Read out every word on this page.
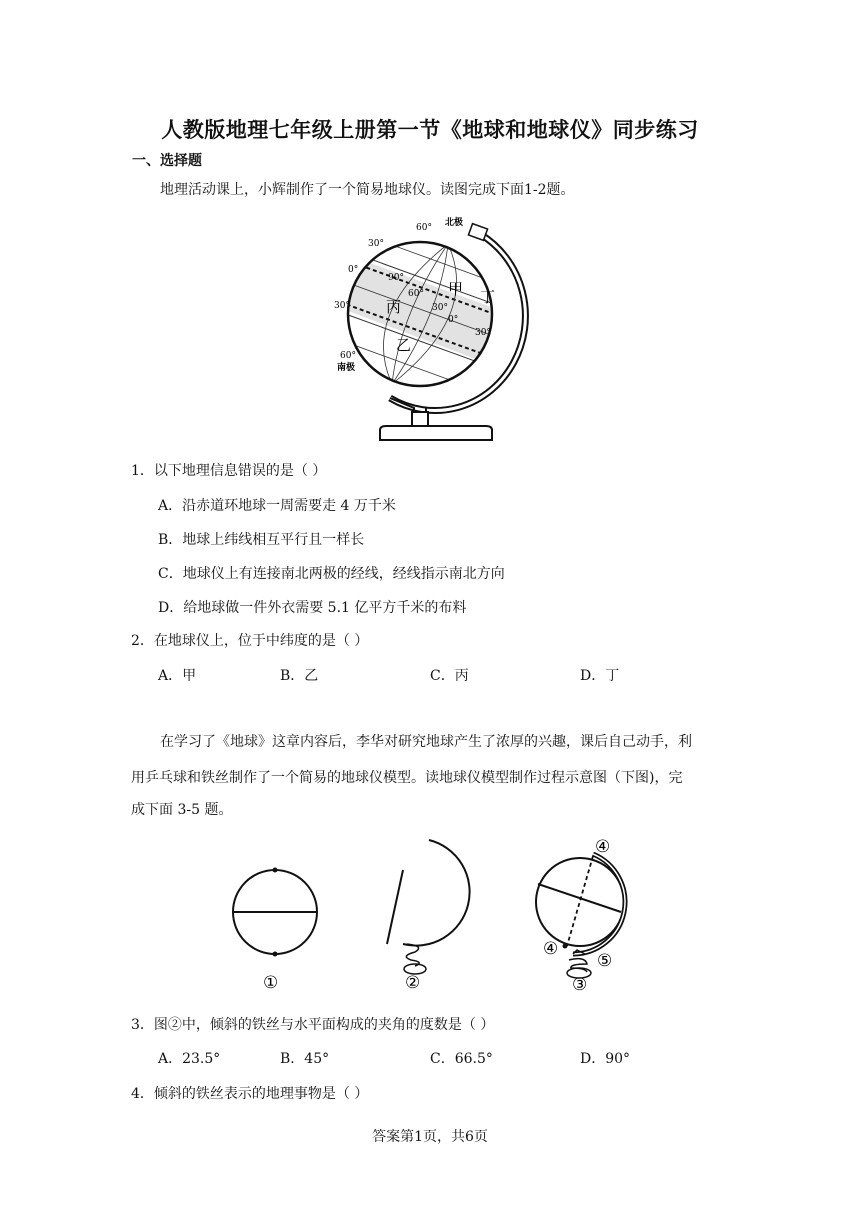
人教版地理七年级上册第一节《地球和地球仪》同步练习
一、选择题
地理活动课上，小辉制作了一个简易地球仪。读图完成下面1-2题。
北极
南极
60°
30°
0°
30°
60°
90°
60°
30°
0°
30°
甲 丁
丙
乙
1．以下地理信息错误的是（ ）
A．沿赤道环地球一周需要走 4 万千米
B．地球上纬线相互平行且一样长
C．地球仪上有连接南北两极的经线，经线指示南北方向
D．给地球做一件外衣需要 5.1 亿平方千米的布料
2．在地球仪上，位于中纬度的是（ ）
A．甲	B．乙	C．丙	D．丁
在学习了《地球》这章内容后，李华对研究地球产生了浓厚的兴趣，课后自己动手，利
用乒乓球和铁丝制作了一个简易的地球仪模型。读地球仪模型制作过程示意图（下图)，完
成下面 3-5 题。
①	②	③
④
④
⑤
3．图②中，倾斜的铁丝与水平面构成的夹角的度数是（ ）
A．23.5°	B．45°	C．66.5°	D．90°
4．倾斜的铁丝表示的地理事物是（ ）
答案第1页，共6页
